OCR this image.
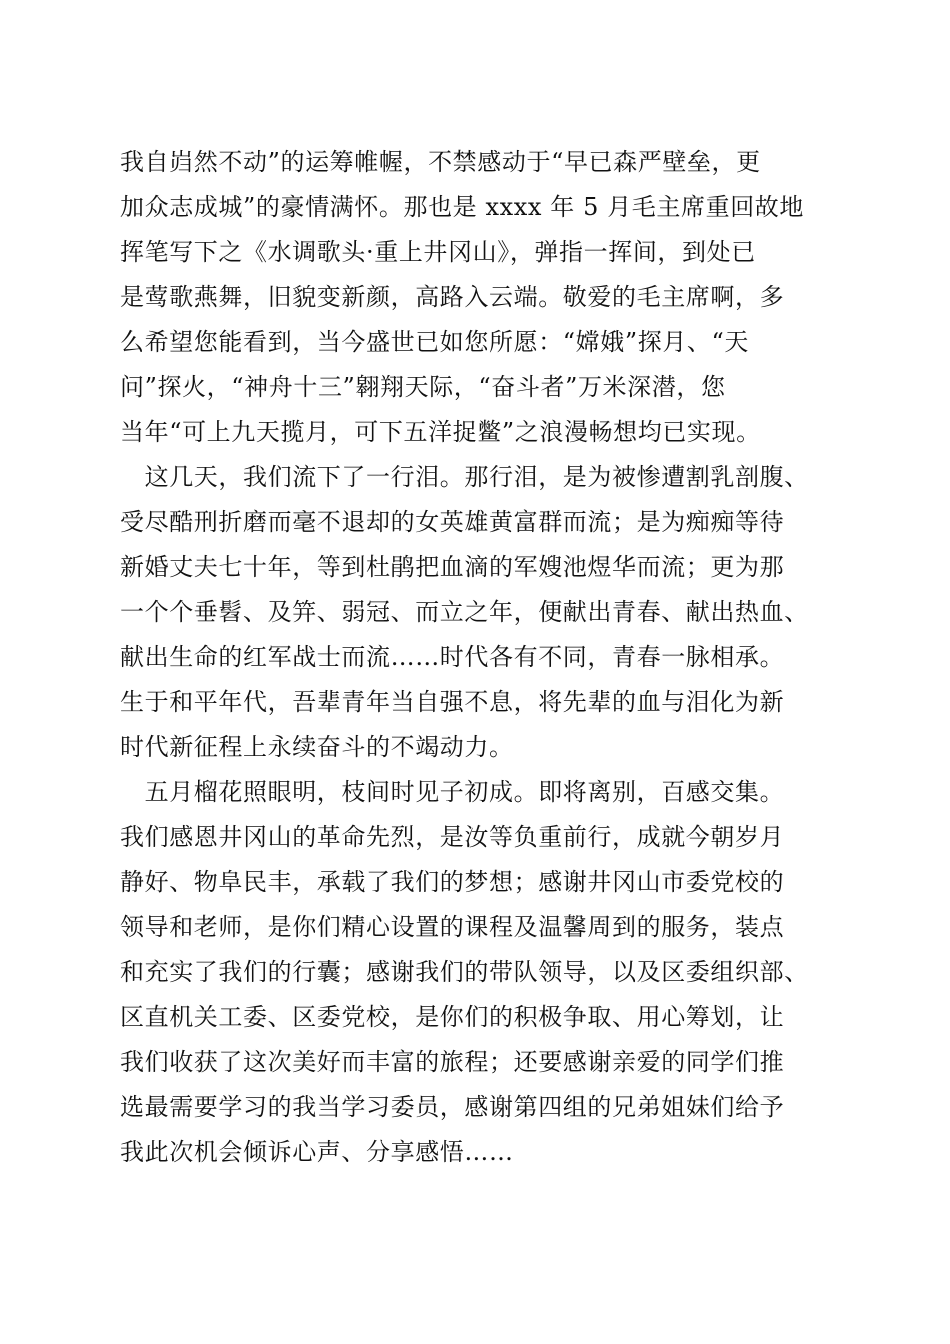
我自岿然不动”的运筹帷幄，不禁感动于“早已森严壁垒，更
加众志成城”的豪情满怀。那也是 xxxx 年 5 月毛主席重回故地
挥笔写下之《水调歌头·重上井冈山》，弹指一挥间，到处已
是莺歌燕舞，旧貌变新颜，高路入云端。敬爱的毛主席啊，多
么希望您能看到，当今盛世已如您所愿：“嫦娥”探月、“天
问”探火，“神舟十三”翱翔天际，“奋斗者”万米深潜，您
当年“可上九天揽月，可下五洋捉鳖”之浪漫畅想均已实现。
　这几天，我们流下了一行泪。那行泪，是为被惨遭割乳剖腹、
受尽酷刑折磨而毫不退却的女英雄黄富群而流；是为痴痴等待
新婚丈夫七十年，等到杜鹃把血滴的军嫂池煜华而流；更为那
一个个垂髫、及笄、弱冠、而立之年，便献出青春、献出热血、
献出生命的红军战士而流……时代各有不同，青春一脉相承。
生于和平年代，吾辈青年当自强不息，将先辈的血与泪化为新
时代新征程上永续奋斗的不竭动力。
　五月榴花照眼明，枝间时见子初成。即将离别，百感交集。
我们感恩井冈山的革命先烈，是汝等负重前行，成就今朝岁月
静好、物阜民丰，承载了我们的梦想；感谢井冈山市委党校的
领导和老师，是你们精心设置的课程及温馨周到的服务，装点
和充实了我们的行囊；感谢我们的带队领导，以及区委组织部、
区直机关工委、区委党校，是你们的积极争取、用心筹划，让
我们收获了这次美好而丰富的旅程；还要感谢亲爱的同学们推
选最需要学习的我当学习委员，感谢第四组的兄弟姐妹们给予
我此次机会倾诉心声、分享感悟……
